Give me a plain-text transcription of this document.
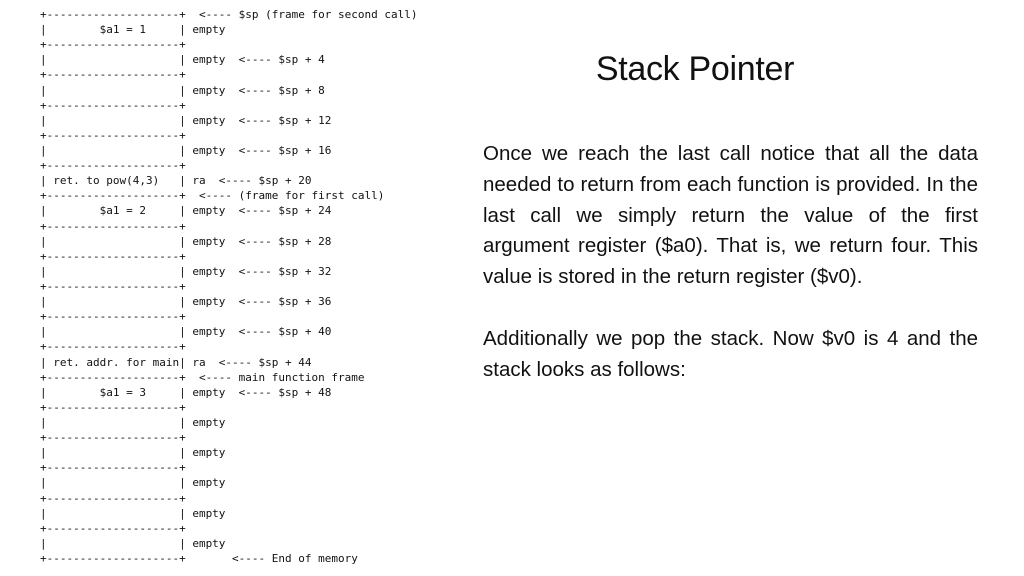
+--------------------+  <---- $sp (frame for second call)
|        $a1 = 1     | empty
+--------------------+
|                    | empty  <---- $sp + 4
+--------------------+
|                    | empty  <---- $sp + 8
+--------------------+
|                    | empty  <---- $sp + 12
+--------------------+
|                    | empty  <---- $sp + 16
+--------------------+
| ret. to pow(4,3)   | ra  <---- $sp + 20
+--------------------+  <---- (frame for first call)
|        $a1 = 2     | empty  <---- $sp + 24
+--------------------+
|                    | empty  <---- $sp + 28
+--------------------+
|                    | empty  <---- $sp + 32
+--------------------+
|                    | empty  <---- $sp + 36
+--------------------+
|                    | empty  <---- $sp + 40
+--------------------+
| ret. addr. for main| ra  <---- $sp + 44
+--------------------+  <---- main function frame
|        $a1 = 3     | empty  <---- $sp + 48
+--------------------+
|                    | empty
+--------------------+
|                    | empty
+--------------------+
|                    | empty
+--------------------+
|                    | empty
+--------------------+
|                    | empty
+--------------------+       <---- End of memory
Stack Pointer

Once we reach the last call notice that all the data needed to return from each function is provided. In the last call we simply return the value of the first argument register ($a0). That is, we return four. This value is stored in the return register ($v0).

Additionally we pop the stack. Now $v0 is 4 and the stack looks as follows:
